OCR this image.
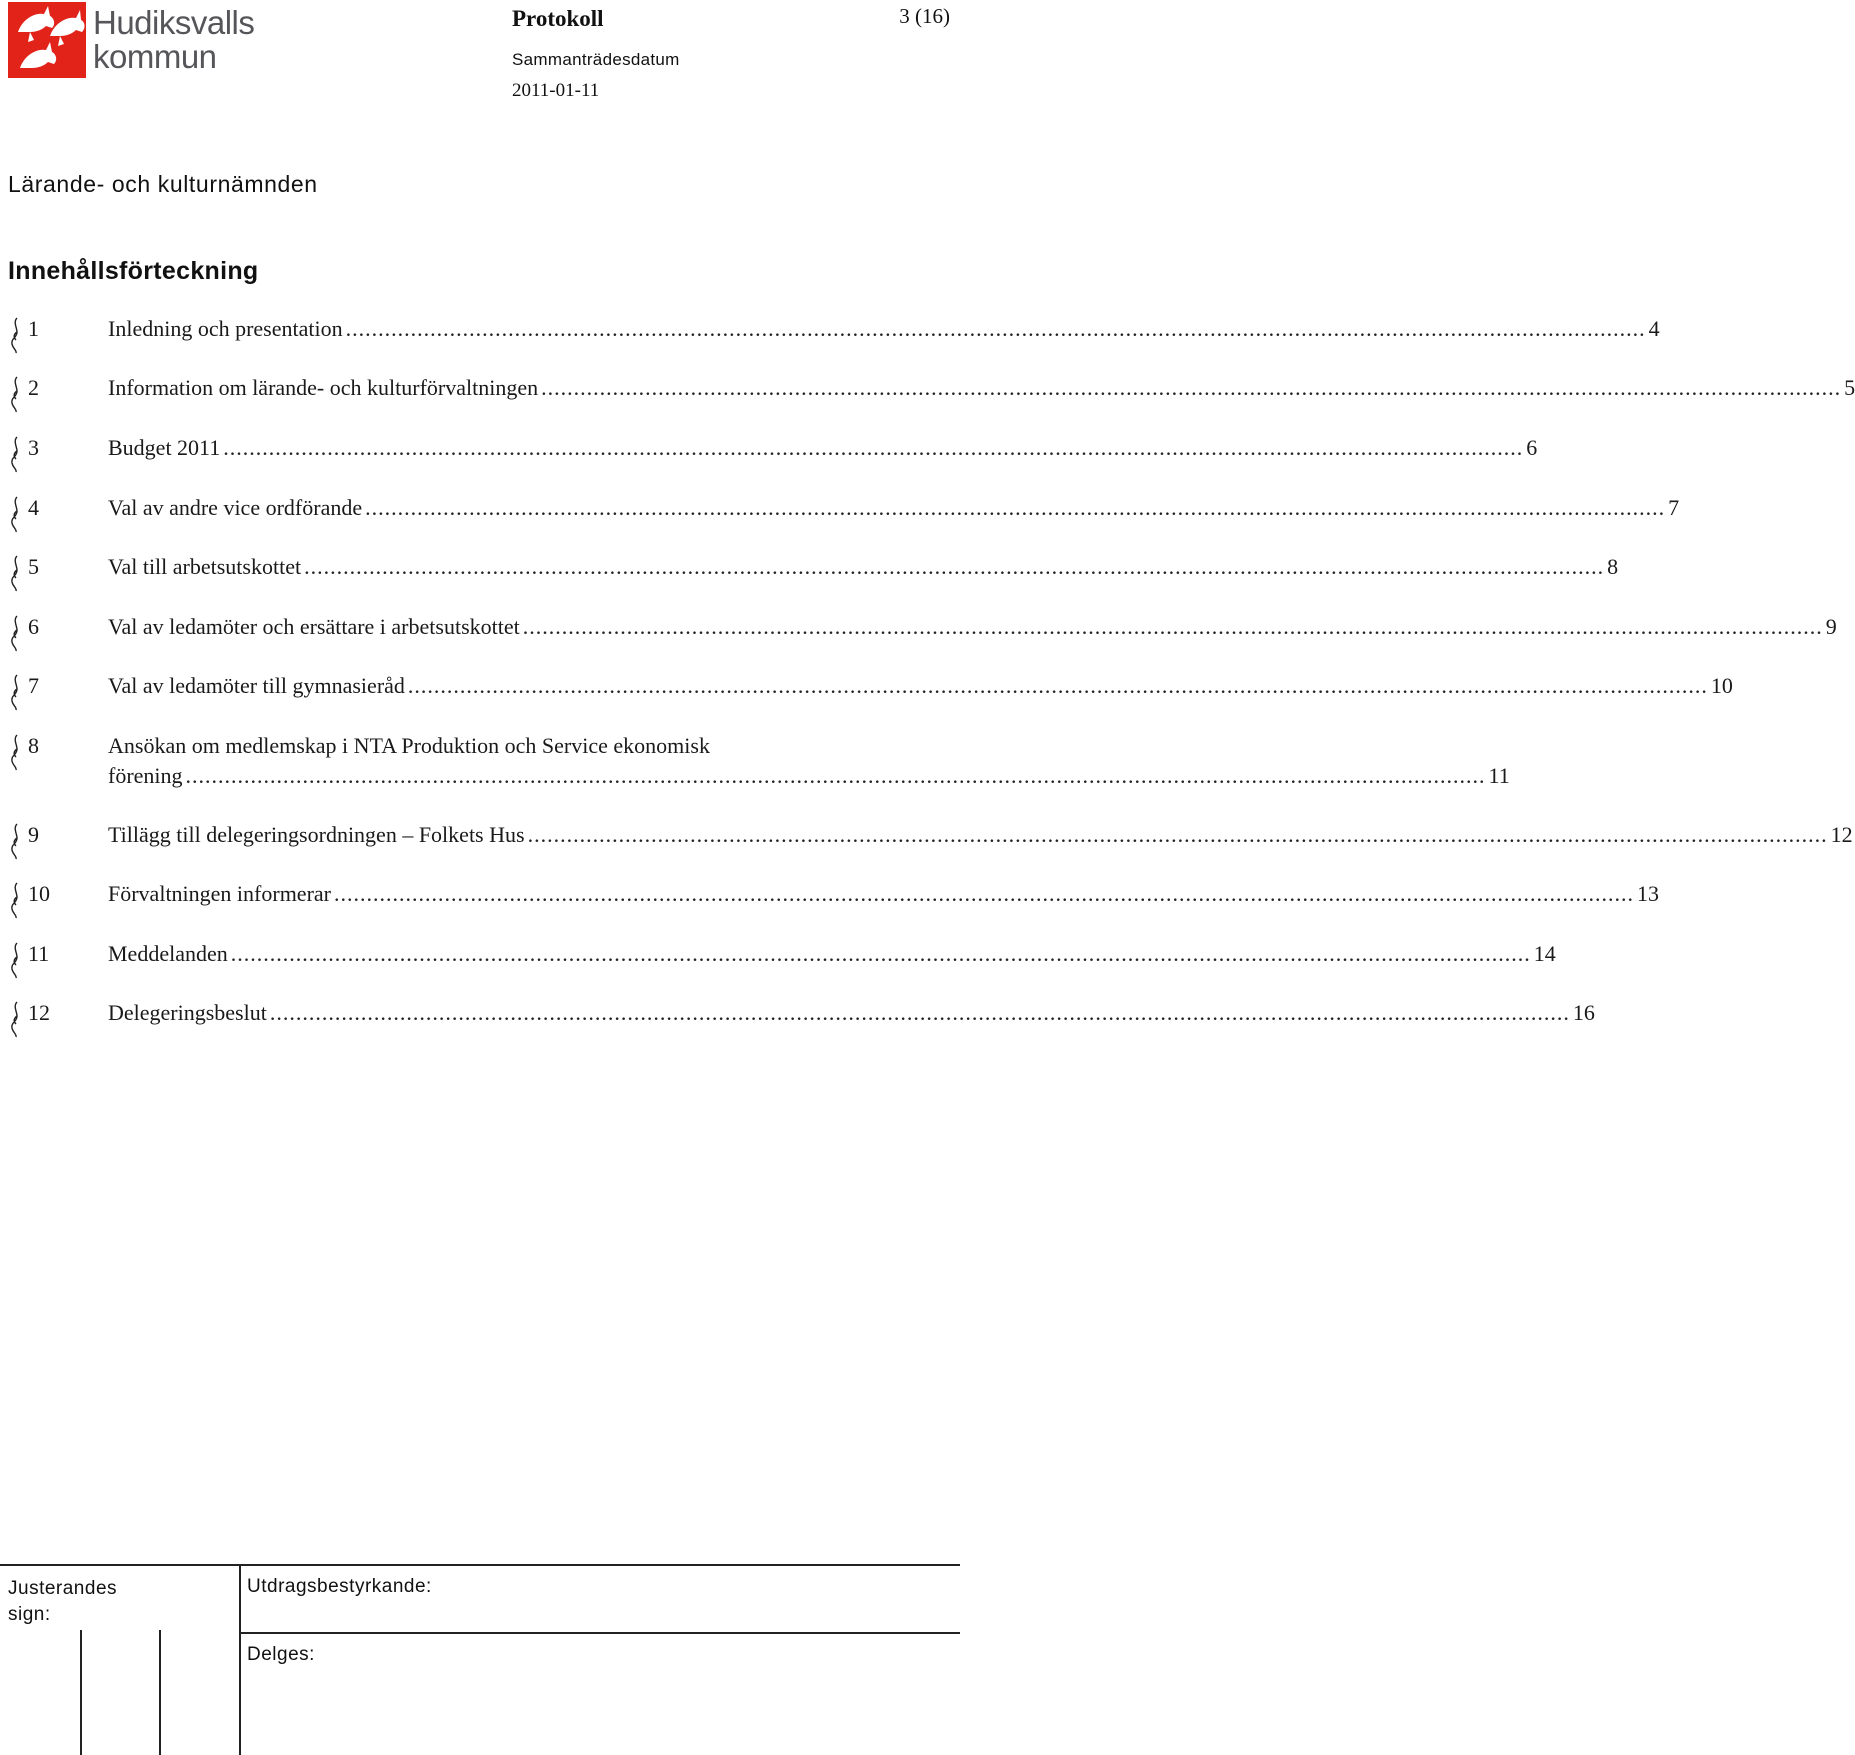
Hudiksvalls
kommun
Protokoll	3 (16)
Sammanträdesdatum
2011-01-11
Lärande- och kulturnämnden
Innehållsförteckning
1	Inledning och presentation ........................................................................................................................................................................................................ 4
2	Information om lärande- och kulturförvaltningen ........................................................................................................................................................................................................ 5
3	Budget 2011 ........................................................................................................................................................................................................ 6
4	Val av andre vice ordförande ........................................................................................................................................................................................................ 7
5	Val till arbetsutskottet ........................................................................................................................................................................................................ 8
6	Val av ledamöter och ersättare i arbetsutskottet ........................................................................................................................................................................................................ 9
7	Val av ledamöter till gymnasieråd ........................................................................................................................................................................................................ 10
8	Ansökan om medlemskap i NTA Produktion och Service ekonomisk
förening ........................................................................................................................................................................................................ 11
9	Tillägg till delegeringsordningen – Folkets Hus ........................................................................................................................................................................................................ 12
10	Förvaltningen informerar ........................................................................................................................................................................................................ 13
11	Meddelanden ........................................................................................................................................................................................................ 14
12	Delegeringsbeslut ........................................................................................................................................................................................................ 16
Justerandes sign:
Utdragsbestyrkande:
Delges:
